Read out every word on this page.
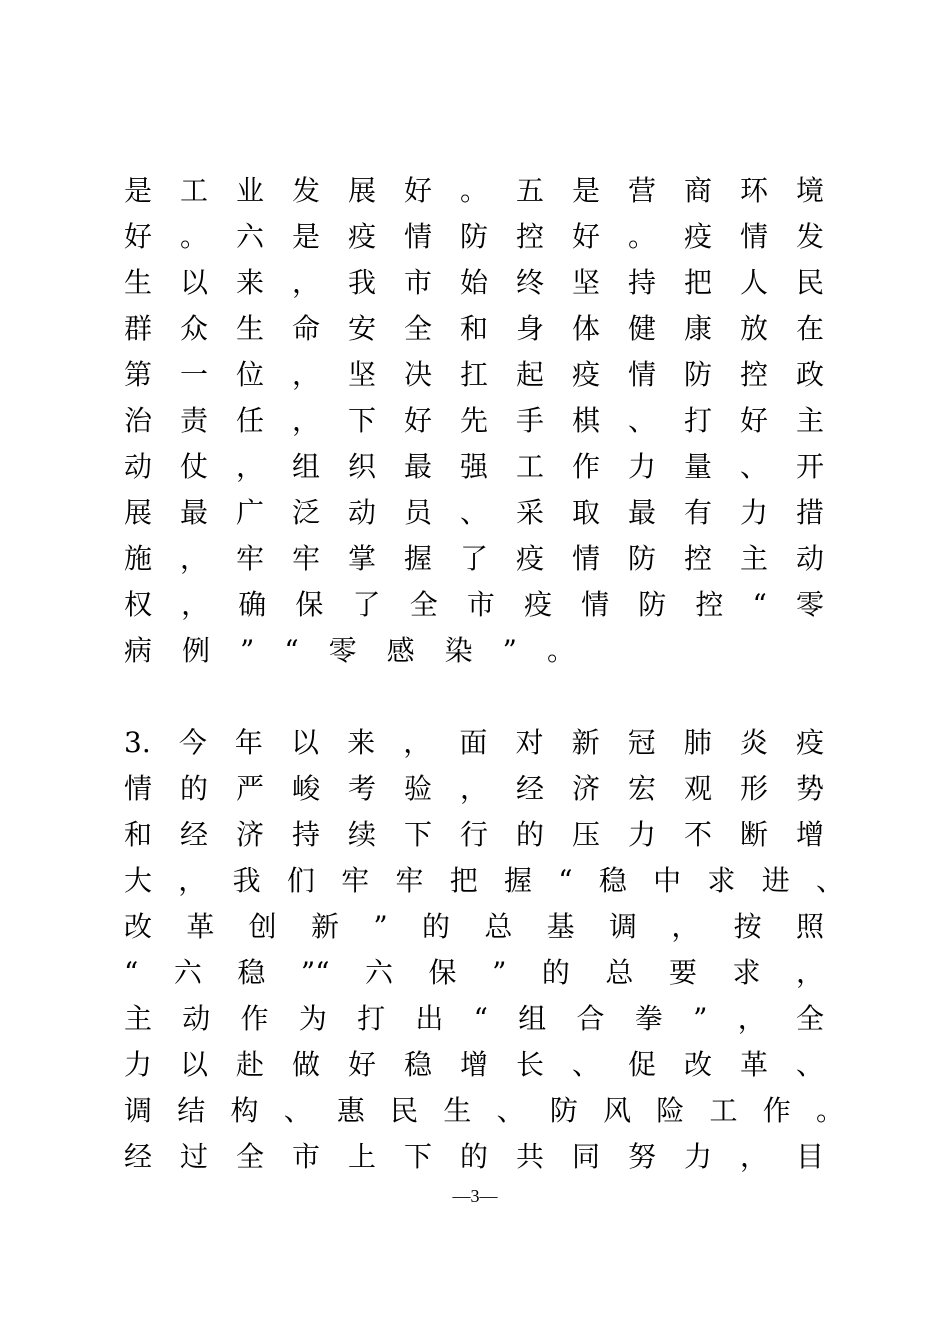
是工业发展好。五是营商环境
好。六是疫情防控好。疫情发
生以来，我市始终坚持把人民
群众生命安全和身体健康放在
第一位，坚决扛起疫情防控政
治责任，下好先手棋、打好主
动仗，组织最强工作力量、开
展最广泛动员、采取最有力措
施，牢牢掌握了疫情防控主动
权，确保了全市疫情防控“零
病例”“零感染”。
3.今年以来，面对新冠肺炎疫
情的严峻考验，经济宏观形势
和经济持续下行的压力不断增
大，我们牢牢把握“稳中求进、
改革创新”的总基调，按照
“六稳”“六保”的总要求，
主动作为打出“组合拳”，全
力以赴做好稳增长、促改革、
调结构、惠民生、防风险工作。
经过全市上下的共同努力，目
—3—
